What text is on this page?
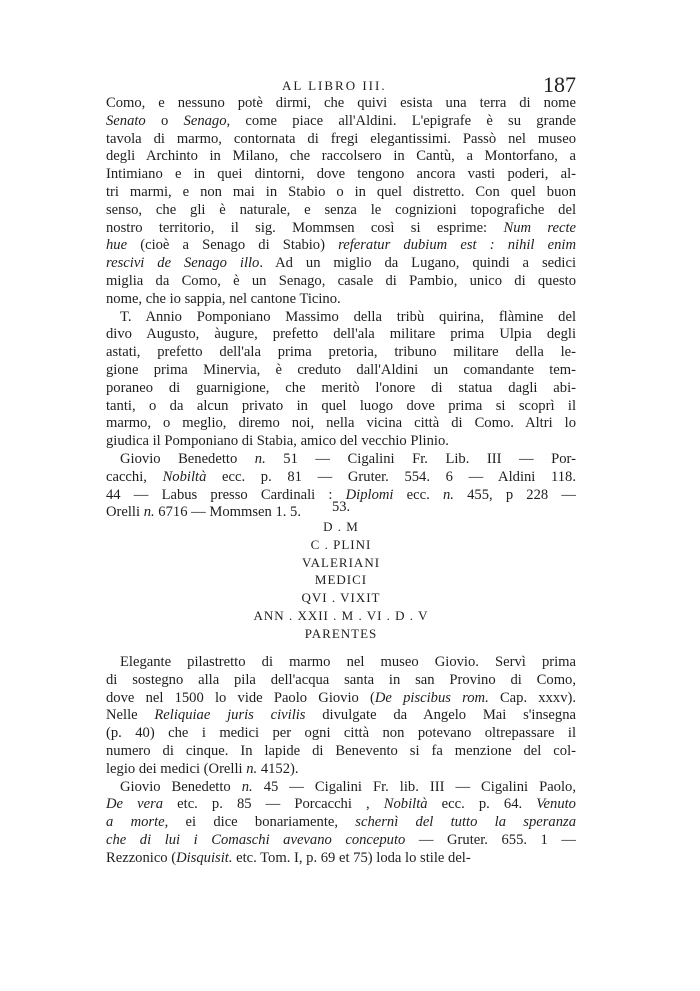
AL LIBRO III.	187
Como, e nessuno potè dirmi, che quivi esista una terra di nome
Senato o Senago, come piace all'Aldini. L'epigrafe è su grande
tavola di marmo, contornata di fregi elegantissimi. Passò nel museo
degli Archinto in Milano, che raccolsero in Cantù, a Montorfano, a
Intimiano e in quei dintorni, dove tengono ancora vasti poderi, al-
tri marmi, e non mai in Stabio o in quel distretto. Con quel buon
senso, che gli è naturale, e senza le cognizioni topografiche del
nostro territorio, il sig. Mommsen così si esprime: Num recte
hue (cioè a Senago di Stabio) referatur dubium est : nihil enim
rescivi de Senago illo. Ad un miglio da Lugano, quindi a sedici
miglia da Como, è un Senago, casale di Pambio, unico di questo
nome, che io sappia, nel cantone Ticino.
T. Annio Pomponiano Massimo della tribù quirina, flàmine del
divo Augusto, àugure, prefetto dell'ala militare prima Ulpia degli
astati, prefetto dell'ala prima pretoria, tribuno militare della le-
gione prima Minervia, è creduto dall'Aldini un comandante tem-
poraneo di guarnigione, che meritò l'onore di statua dagli abi-
tanti, o da alcun privato in quel luogo dove prima si scoprì il
marmo, o meglio, diremo noi, nella vicina città di Como. Altri lo
giudica il Pomponiano di Stabia, amico del vecchio Plinio.
Giovio Benedetto n. 51 — Cigalini Fr. Lib. III — Por-
cacchi, Nobiltà ecc. p. 81 — Gruter. 554. 6 — Aldini 118.
44 — Labus presso Cardinali : Diplomi ecc. n. 455, p 228 —
Orelli n. 6716 — Mommsen 1. 5.	53.
D . M
C . PLINI
VALERIANI
MEDICI
QVI . VIXIT
ANN . XXII . M . VI . D . V
PARENTES
Elegante pilastretto di marmo nel museo Giovio. Servì prima
di sostegno alla pila dell'acqua santa in san Provino di Como,
dove nel 1500 lo vide Paolo Giovio (De piscibus rom. Cap. xxxv).
Nelle Reliquiae juris civilis divulgate da Angelo Mai s'insegna
(p. 40) che i medici per ogni città non potevano oltrepassare il
numero di cinque. In lapide di Benevento si fa menzione del col-
legio dei medici (Orelli n. 4152).
Giovio Benedetto n. 45 — Cigalini Fr. lib. III — Cigalini Paolo,
De vera etc. p. 85 — Porcacchi , Nobiltà ecc. p. 64. Venuto
a morte, ei dice bonariamente, schernì del tutto la speranza
che di lui i Comaschi avevano conceputo — Gruter. 655. 1 —
Rezzonico (Disquisit. etc. Tom. I, p. 69 et 75) loda lo stile del-
